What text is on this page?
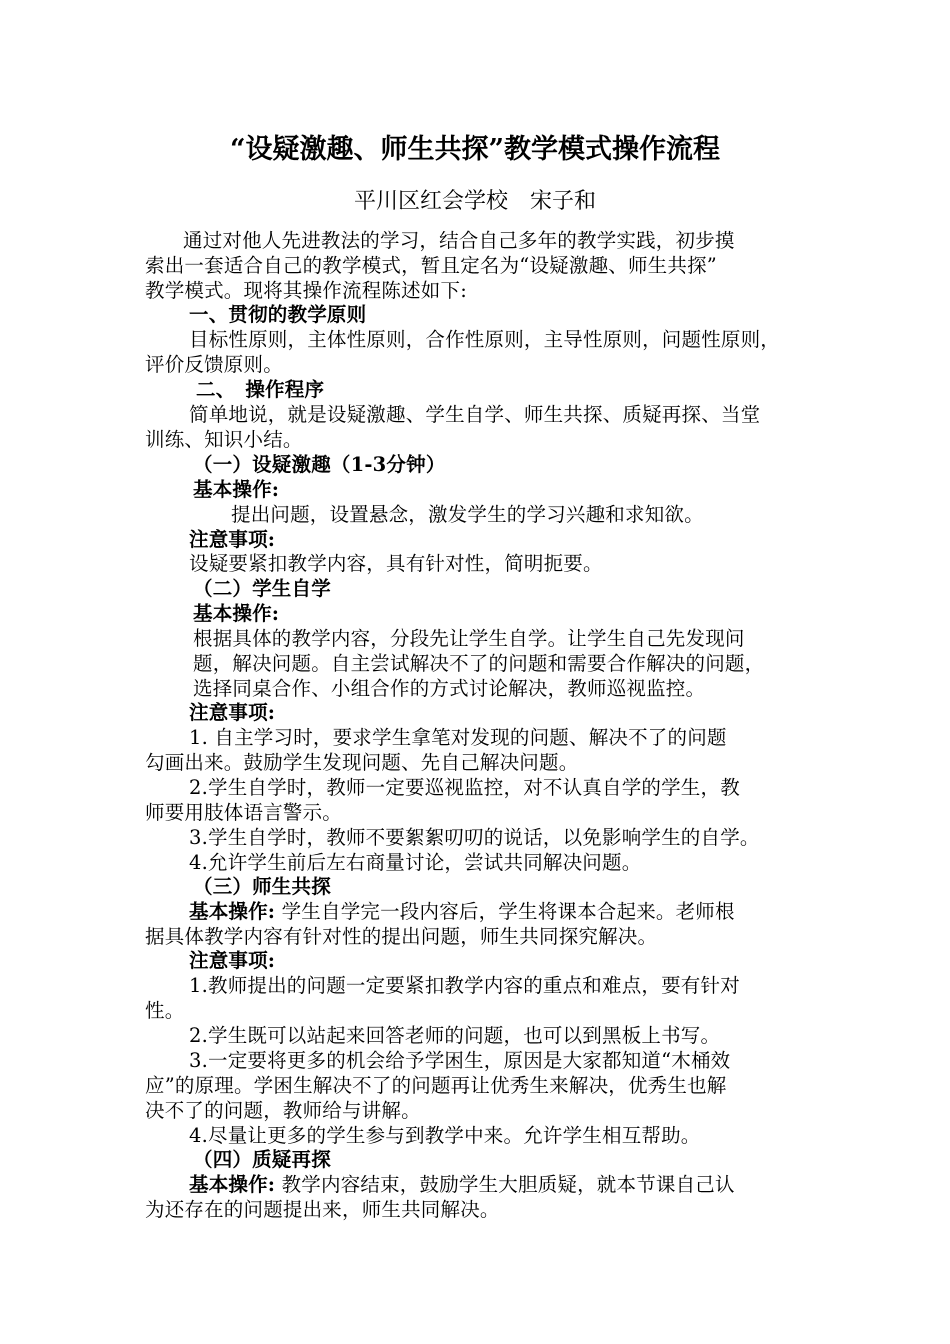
“设疑激趣、师生共探”教学模式操作流程
平川区红会学校　宋子和
通过对他人先进教法的学习，结合自己多年的教学实践，初步摸
索出一套适合自己的教学模式，暂且定名为“设疑激趣、师生共探”
教学模式。现将其操作流程陈述如下:
一、贯彻的教学原则
目标性原则，主体性原则，合作性原则，主导性原则，问题性原则，
评价反馈原则。
二、　操作程序
简单地说，就是设疑激趣、学生自学、师生共探、质疑再探、当堂
训练、知识小结。
（一）设疑激趣（1-3分钟）
基本操作:
提出问题，设置悬念，激发学生的学习兴趣和求知欲。
注意事项:
设疑要紧扣教学内容，具有针对性，简明扼要。
（二）学生自学
基本操作:
根据具体的教学内容，分段先让学生自学。让学生自己先发现问
题，解决问题。自主尝试解决不了的问题和需要合作解决的问题，
选择同桌合作、小组合作的方式讨论解决，教师巡视监控。
注意事项:
1. 自主学习时，要求学生拿笔对发现的问题、解决不了的问题
勾画出来。鼓励学生发现问题、先自己解决问题。
2.学生自学时，教师一定要巡视监控，对不认真自学的学生，教
师要用肢体语言警示。
3.学生自学时，教师不要絮絮叨叨的说话，以免影响学生的自学。
4.允许学生前后左右商量讨论，尝试共同解决问题。
（三）师生共探
基本操作: 学生自学完一段内容后，学生将课本合起来。老师根
据具体教学内容有针对性的提出问题，师生共同探究解决。
注意事项:
1.教师提出的问题一定要紧扣教学内容的重点和难点，要有针对
性。
2.学生既可以站起来回答老师的问题，也可以到黑板上书写。
3.一定要将更多的机会给予学困生，原因是大家都知道“木桶效
应”的原理。学困生解决不了的问题再让优秀生来解决，优秀生也解
决不了的问题，教师给与讲解。
4.尽量让更多的学生参与到教学中来。允许学生相互帮助。
（四）质疑再探
基本操作: 教学内容结束，鼓励学生大胆质疑，就本节课自己认
为还存在的问题提出来，师生共同解决。
